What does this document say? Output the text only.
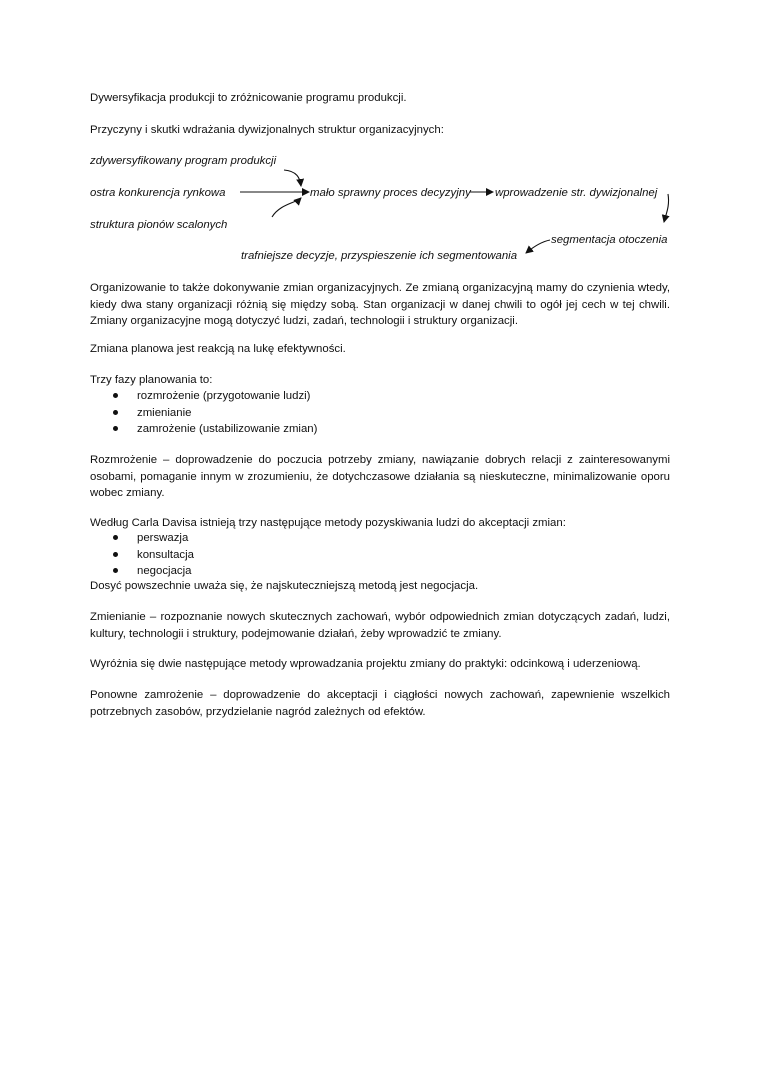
Dywersyfikacja produkcji to zróżnicowanie programu produkcji.

Przyczyny i skutki wdrażania dywizjonalnych struktur organizacyjnych:

zdywersyfikowany program produkcji
ostra konkurencja rynkowa	mało sprawny proces decyzyjny wprowadzenie str. dywizjonalnej
struktura pionów scalonych
segmentacja otoczenia
trafniejsze decyzje, przyspieszenie ich segmentowania

Organizowanie to także dokonywanie zmian organizacyjnych. Ze zmianą organizacyjną mamy do czynienia wtedy, kiedy dwa stany organizacji różnią się między sobą. Stan organizacji w danej chwili to ogół jej cech w tej chwili. Zmiany organizacyjne mogą dotyczyć ludzi, zadań, technologii i struktury organizacji.

Zmiana planowa jest reakcją na lukę efektywności.

Trzy fazy planowania to:

rozmrożenie (przygotowanie ludzi)
zmienianie
zamrożenie (ustabilizowanie zmian)

Rozmrożenie – doprowadzenie do poczucia potrzeby zmiany, nawiązanie dobrych relacji z zainteresowanymi osobami, pomaganie innym w zrozumieniu, że dotychczasowe działania są nieskuteczne, minimalizowanie oporu wobec zmiany.

Według Carla Davisa istnieją trzy następujące metody pozyskiwania ludzi do akceptacji zmian:

perswazja
konsultacja
negocjacja

Dosyć powszechnie uważa się, że najskuteczniejszą metodą jest negocjacja.

Zmienianie – rozpoznanie nowych skutecznych zachowań, wybór odpowiednich zmian dotyczących zadań, ludzi, kultury, technologii i struktury, podejmowanie działań, żeby wprowadzić te zmiany.

Wyróżnia się dwie następujące metody wprowadzania projektu zmiany do praktyki: odcinkową i uderzeniową.

Ponowne zamrożenie – doprowadzenie do akceptacji i ciągłości nowych zachowań, zapewnienie wszelkich potrzebnych zasobów, przydzielanie nagród zależnych od efektów.
